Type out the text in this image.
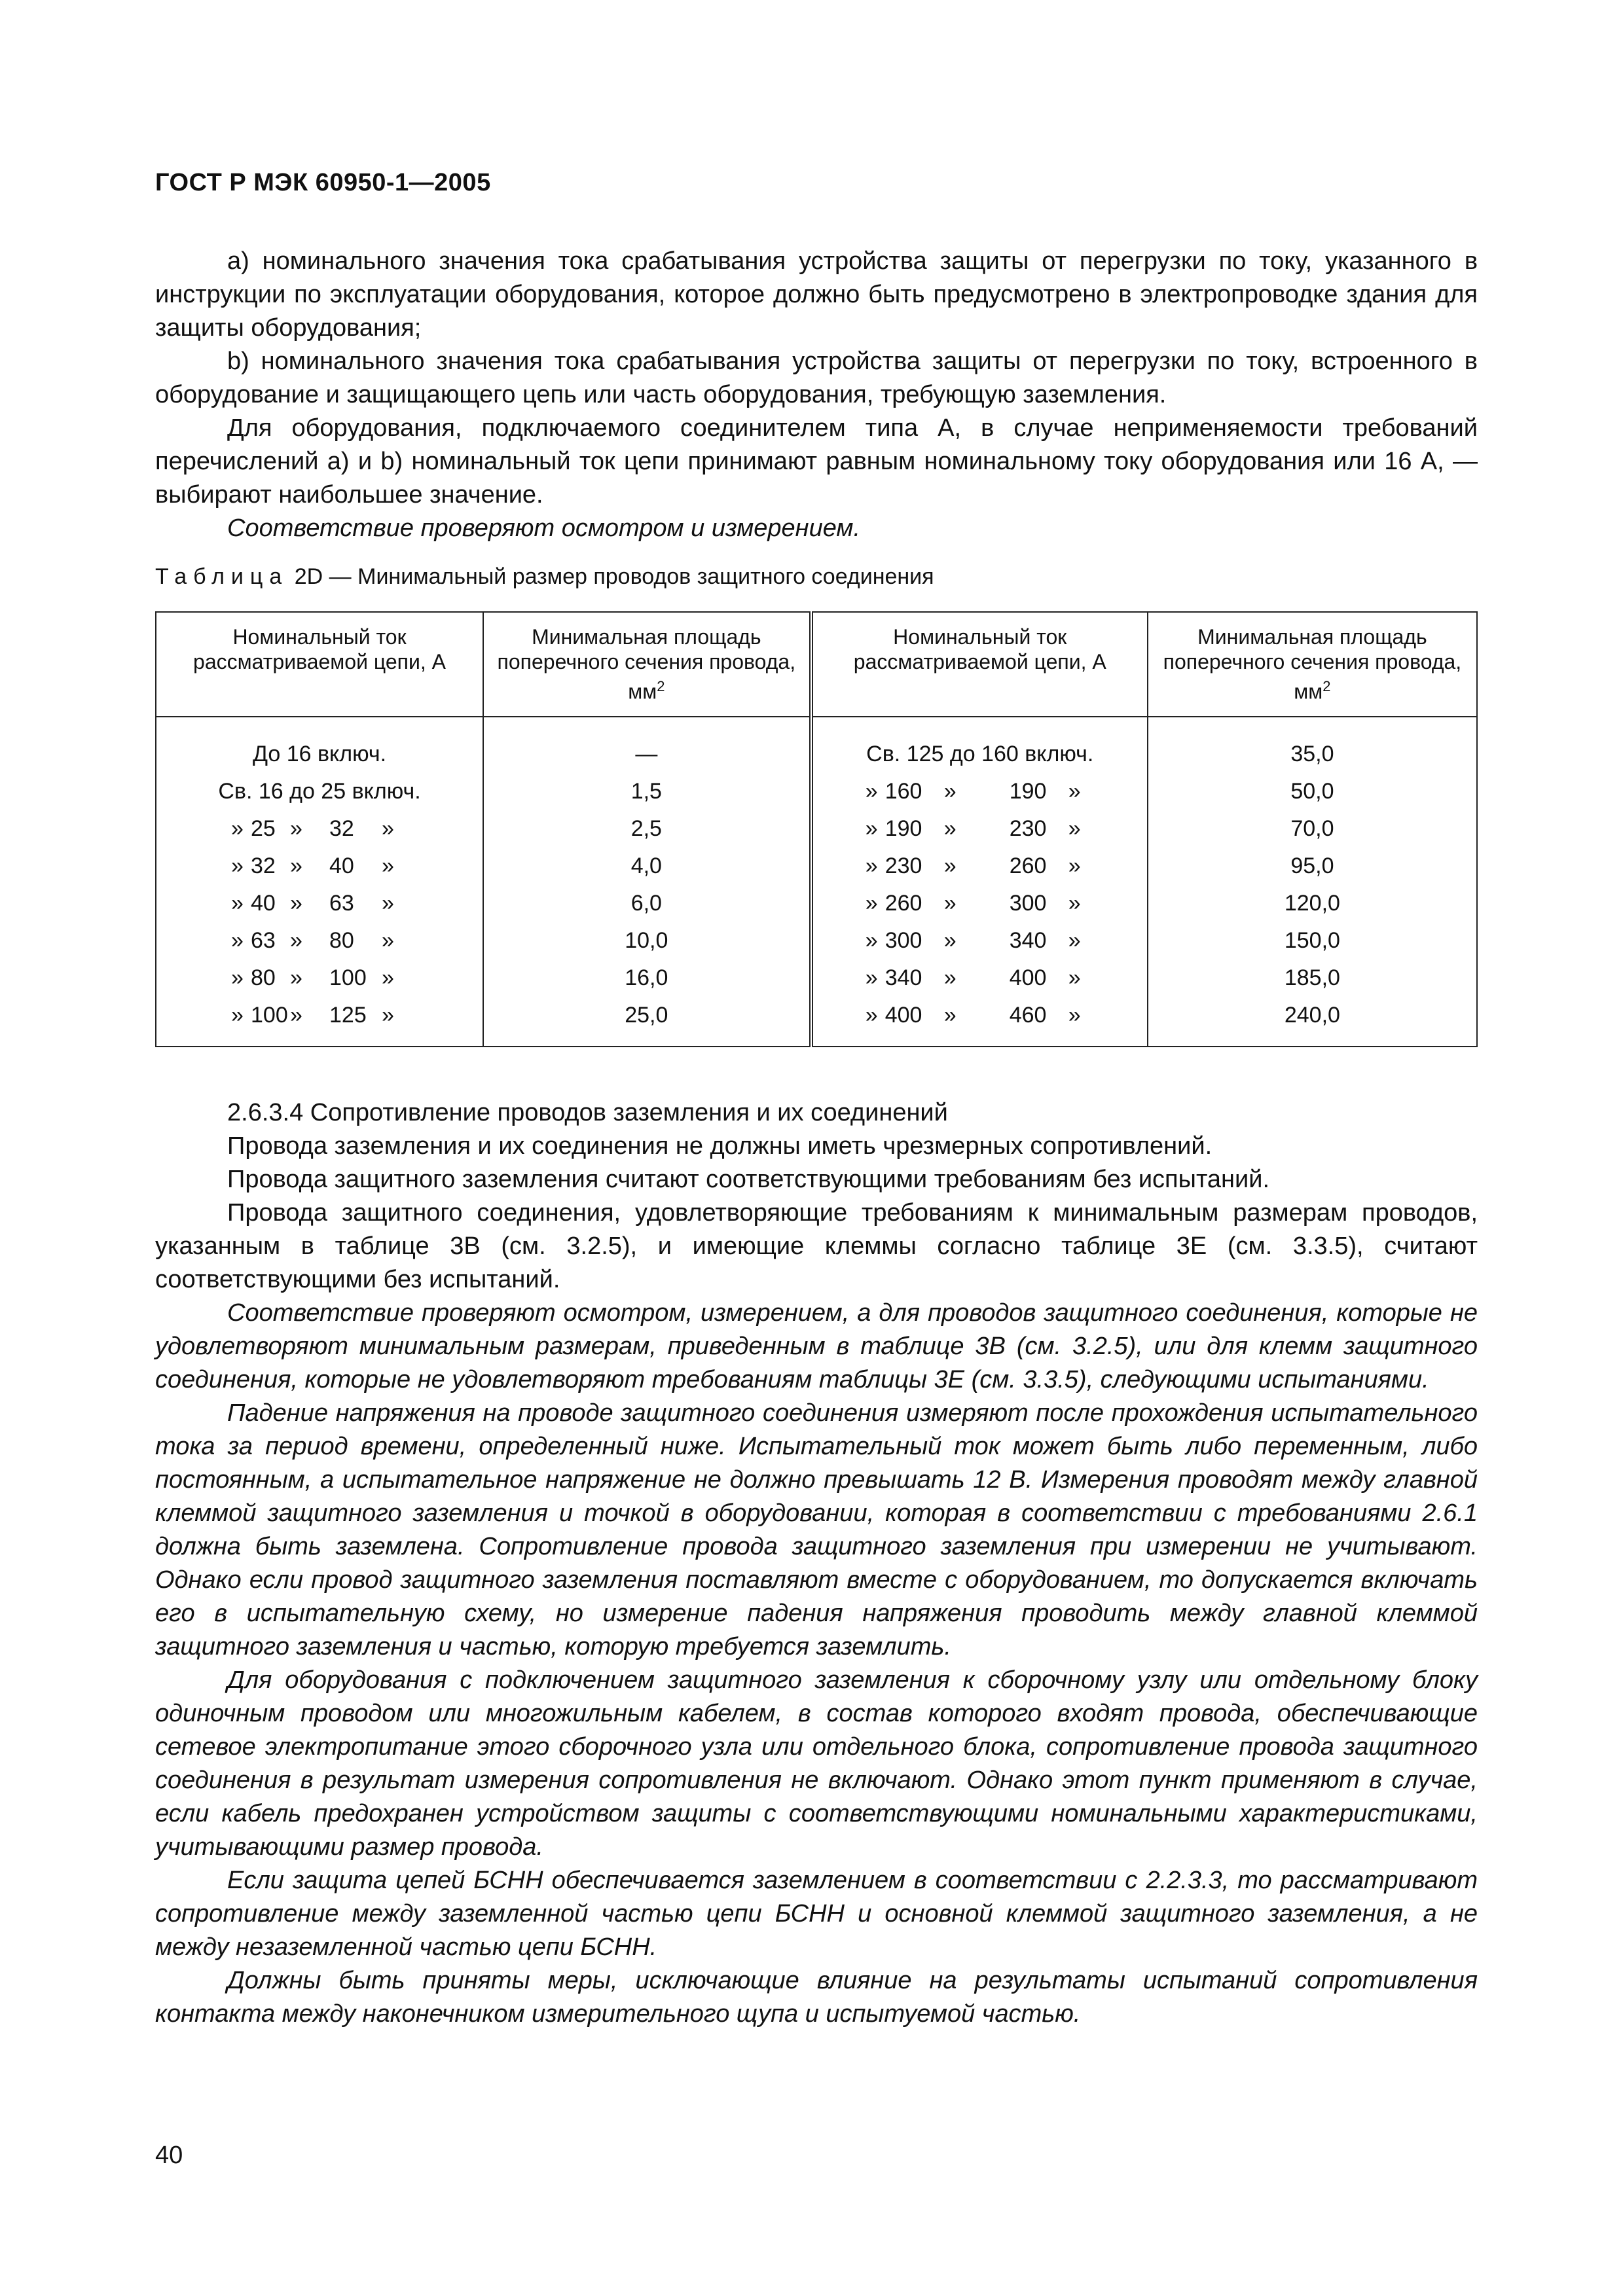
ГОСТ Р МЭК 60950-1—2005

a) номинального значения тока срабатывания устройства защиты от перегрузки по току, указанного в инструкции по эксплуатации оборудования, которое должно быть предусмотрено в электропроводке здания для защиты оборудования;

b) номинального значения тока срабатывания устройства защиты от перегрузки по току, встроенного в оборудование и защищающего цепь или часть оборудования, требующую заземления.

Для оборудования, подключаемого соединителем типа А, в случае неприменяемости требований перечислений a) и b) номинальный ток цепи принимают равным номинальному току оборудования или 16 А, — выбирают наибольшее значение.

Соответствие проверяют осмотром и измерением.

Таблица 2D — Минимальный размер проводов защитного соединения
Номинальный ток рассматриваемой цепи, А	Минимальная площадь поперечного сечения провода, $мм^2$	Номинальный ток рассматриваемой цепи, А	Минимальная площадь поперечного сечения провода, $мм^2$
До 16 включ.	—	Св. 125 до 160 включ.	35,0
Св. 16 до 25 включ.	1,5	» 160 » 190 »	50,0

» 25 » 32 »	2,5	» 190 » 230 »	70,0

» 32 » 40 »	4,0	» 230 » 260 »	95,0

» 40 » 63 »	6,0	» 260 » 300 »	120,0

» 63 » 80 »	10,0	» 300 » 340 »	150,0

» 80 » 100 »	16,0	» 340 » 400 »	185,0

» 100 » 125 »	25,0	» 400 » 460 »	240,0

2.6.3.4 Сопротивление проводов заземления и их соединений

Провода заземления и их соединения не должны иметь чрезмерных сопротивлений.

Провода защитного заземления считают соответствующими требованиям без испытаний.

Провода защитного соединения, удовлетворяющие требованиям к минимальным размерам проводов, указанным в таблице 3В (см. 3.2.5), и имеющие клеммы согласно таблице 3Е (см. 3.3.5), считают соответствующими без испытаний.

Соответствие проверяют осмотром, измерением, а для проводов защитного соединения, которые не удовлетворяют минимальным размерам, приведенным в таблице 3В (см. 3.2.5), или для клемм защитного соединения, которые не удовлетворяют требованиям таблицы 3Е (см. 3.3.5), следующими испытаниями.

Падение напряжения на проводе защитного соединения измеряют после прохождения испытательного тока за период времени, определенный ниже. Испытательный ток может быть либо переменным, либо постоянным, а испытательное напряжение не должно превышать 12 В. Измерения проводят между главной клеммой защитного заземления и точкой в оборудовании, которая в соответствии с требованиями 2.6.1 должна быть заземлена. Сопротивление провода защитного заземления при измерении не учитывают. Однако если провод защитного заземления поставляют вместе с оборудованием, то допускается включать его в испытательную схему, но измерение падения напряжения проводить между главной клеммой защитного заземления и частью, которую требуется заземлить.

Для оборудования с подключением защитного заземления к сборочному узлу или отдельному блоку одиночным проводом или многожильным кабелем, в состав которого входят провода, обеспечивающие сетевое электропитание этого сборочного узла или отдельного блока, сопротивление провода защитного соединения в результат измерения сопротивления не включают. Однако этот пункт применяют в случае, если кабель предохранен устройством защиты с соответствующими номинальными характеристиками, учитывающими размер провода.

Если защита цепей БСНН обеспечивается заземлением в соответствии с 2.2.3.3, то рассматривают сопротивление между заземленной частью цепи БСНН и основной клеммой защитного заземления, а не между незаземленной частью цепи БСНН.

Должны быть приняты меры, исключающие влияние на результаты испытаний сопротивления контакта между наконечником измерительного щупа и испытуемой частью.

40
